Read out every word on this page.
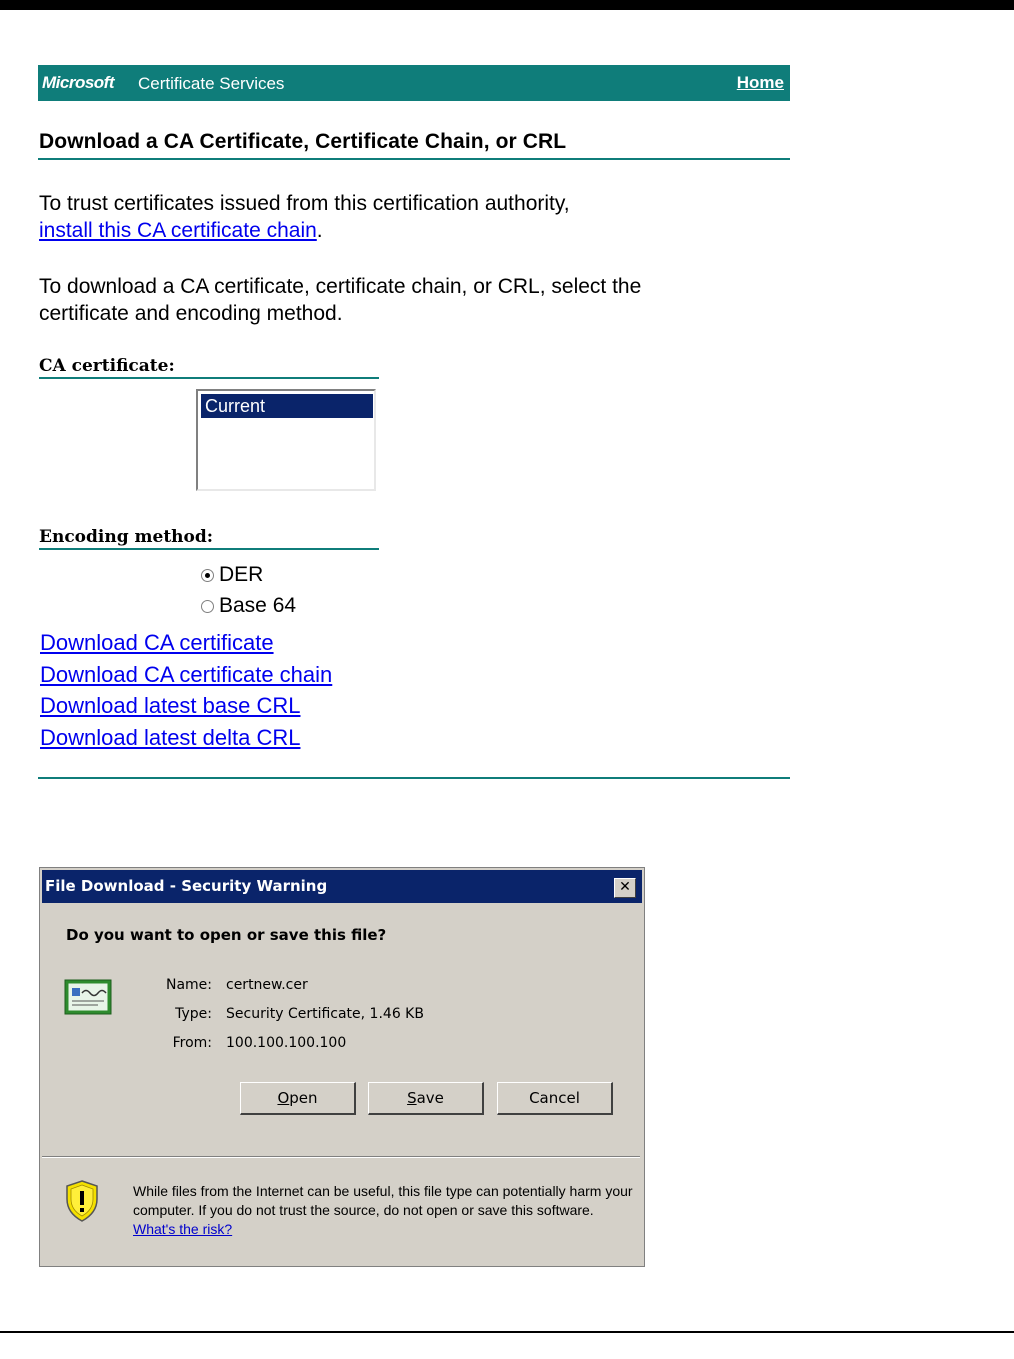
Microsoft Certificate Services	Home
Download a CA Certificate, Certificate Chain, or CRL
To trust certificates issued from this certification authority,
install this CA certificate chain.
To download a CA certificate, certificate chain, or CRL, select the
certificate and encoding method.
CA certificate:
Current
Encoding method:
DER
Base 64
Download CA certificate
Download CA certificate chain
Download latest base CRL
Download latest delta CRL
File Download - Security Warning	✕
Do you want to open or save this file?
Name: certnew.cer
Type: Security Certificate, 1.46 KB
From: 100.100.100.100
Open	Save	Cancel
While files from the Internet can be useful, this file type can potentially harm your computer. If you do not trust the source, do not open or save this software. What's the risk?
